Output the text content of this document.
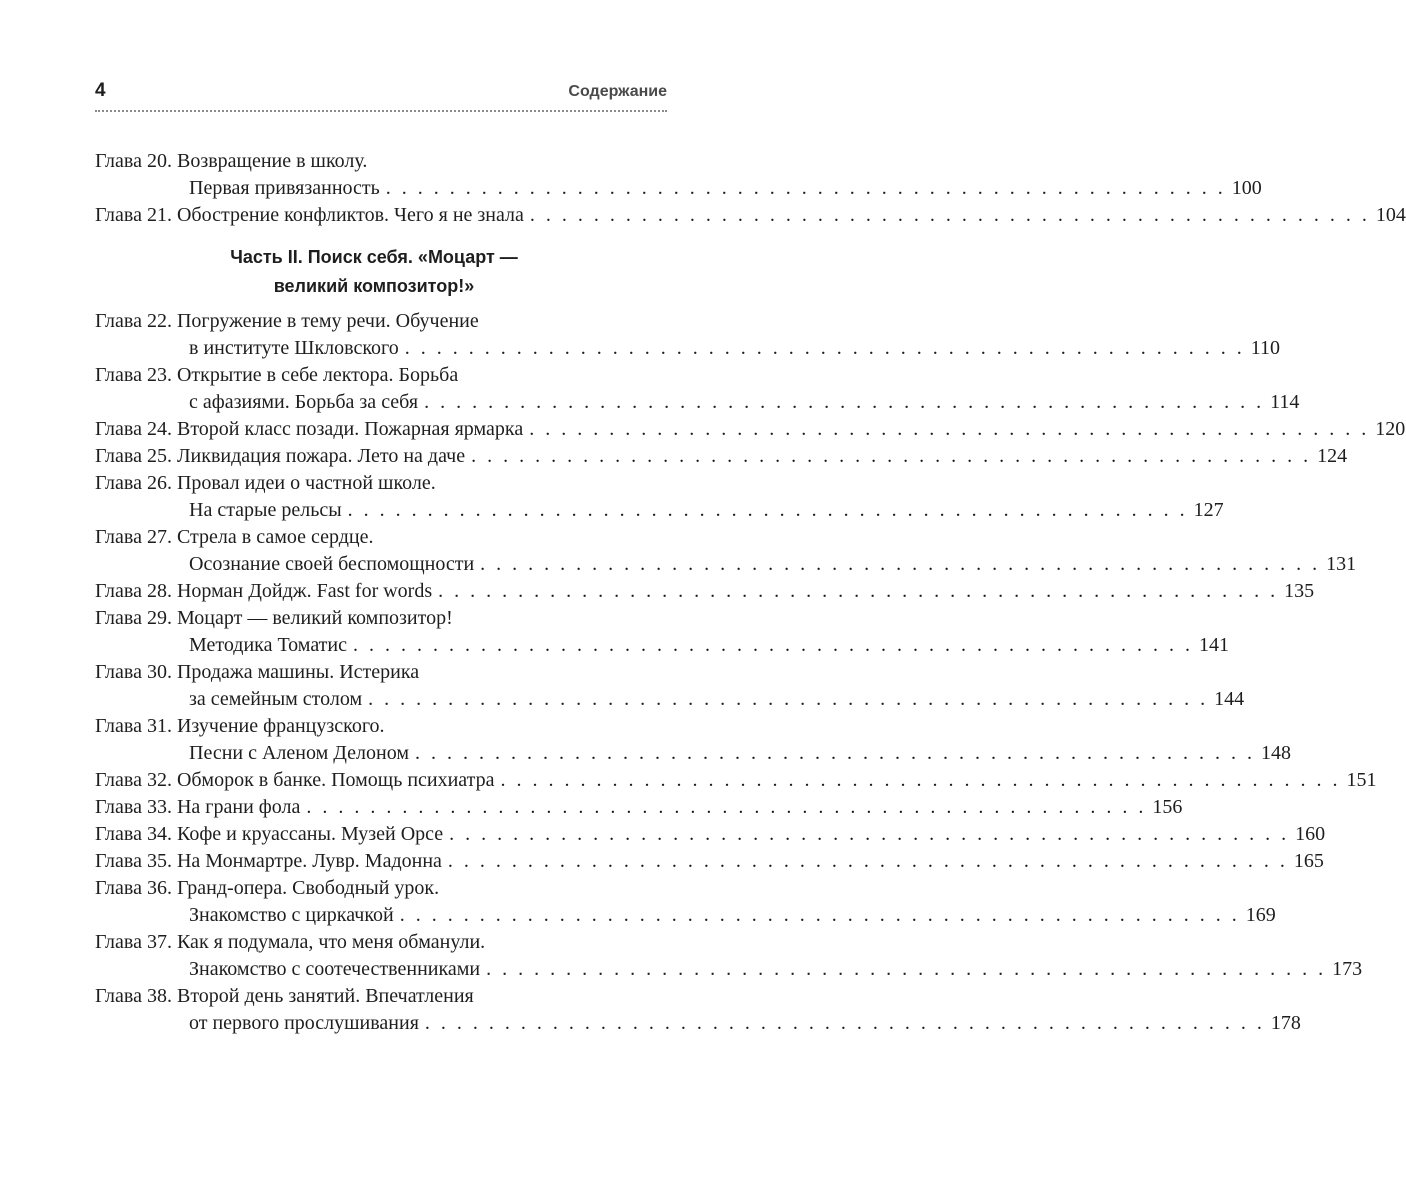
4	Содержание
Глава 20.
Возвращение в школу.
Первая привязанность . . . . . . . . . . . . . . . . . . . . . . . . . . . . . . . . . . . . . . . . . . . . . . . . . . . . . 100
Глава 21.
Обострение конфликтов. Чего я не знала . . . . . . . . . . . . . . . . . . . . . . . . . . . . . . . . . . . . . . . . . . . . . . . . . . . . . 104
Часть II. Поиск себя. «Моцарт —
великий композитор!»
Глава 22.
Погружение в тему речи. Обучение
в институте Шкловского . . . . . . . . . . . . . . . . . . . . . . . . . . . . . . . . . . . . . . . . . . . . . . . . . . . . . 110
Глава 23.
Открытие в себе лектора. Борьба
с афазиями. Борьба за себя . . . . . . . . . . . . . . . . . . . . . . . . . . . . . . . . . . . . . . . . . . . . . . . . . . . . . 114
Глава 24.
Второй класс позади. Пожарная ярмарка . . . . . . . . . . . . . . . . . . . . . . . . . . . . . . . . . . . . . . . . . . . . . . . . . . . . . 120
Глава 25.
Ликвидация пожара. Лето на даче . . . . . . . . . . . . . . . . . . . . . . . . . . . . . . . . . . . . . . . . . . . . . . . . . . . . . 124
Глава 26.
Провал идеи о частной школе.
На старые рельсы . . . . . . . . . . . . . . . . . . . . . . . . . . . . . . . . . . . . . . . . . . . . . . . . . . . . . 127
Глава 27.
Стрела в самое сердце.
Осознание своей беспомощности . . . . . . . . . . . . . . . . . . . . . . . . . . . . . . . . . . . . . . . . . . . . . . . . . . . . . 131
Глава 28.
Норман Дойдж. Fast for words . . . . . . . . . . . . . . . . . . . . . . . . . . . . . . . . . . . . . . . . . . . . . . . . . . . . . 135
Глава 29.
Моцарт — великий композитор!
Методика Томатис . . . . . . . . . . . . . . . . . . . . . . . . . . . . . . . . . . . . . . . . . . . . . . . . . . . . . 141
Глава 30.
Продажа машины. Истерика
за семейным столом . . . . . . . . . . . . . . . . . . . . . . . . . . . . . . . . . . . . . . . . . . . . . . . . . . . . . 144
Глава 31.
Изучение французского.
Песни с Аленом Делоном . . . . . . . . . . . . . . . . . . . . . . . . . . . . . . . . . . . . . . . . . . . . . . . . . . . . . 148
Глава 32.
Обморок в банке. Помощь психиатра . . . . . . . . . . . . . . . . . . . . . . . . . . . . . . . . . . . . . . . . . . . . . . . . . . . . . 151
Глава 33.
На грани фола . . . . . . . . . . . . . . . . . . . . . . . . . . . . . . . . . . . . . . . . . . . . . . . . . . . . . 156
Глава 34.
Кофе и круассаны. Музей Орсе . . . . . . . . . . . . . . . . . . . . . . . . . . . . . . . . . . . . . . . . . . . . . . . . . . . . . 160
Глава 35.
На Монмартре. Лувр. Мадонна . . . . . . . . . . . . . . . . . . . . . . . . . . . . . . . . . . . . . . . . . . . . . . . . . . . . . 165
Глава 36.
Гранд-опера. Свободный урок.
Знакомство с циркачкой . . . . . . . . . . . . . . . . . . . . . . . . . . . . . . . . . . . . . . . . . . . . . . . . . . . . . 169
Глава 37.
Как я подумала, что меня обманули.
Знакомство с соотечественниками . . . . . . . . . . . . . . . . . . . . . . . . . . . . . . . . . . . . . . . . . . . . . . . . . . . . . 173
Глава 38.
Второй день занятий. Впечатления
от первого прослушивания . . . . . . . . . . . . . . . . . . . . . . . . . . . . . . . . . . . . . . . . . . . . . . . . . . . . . 178
